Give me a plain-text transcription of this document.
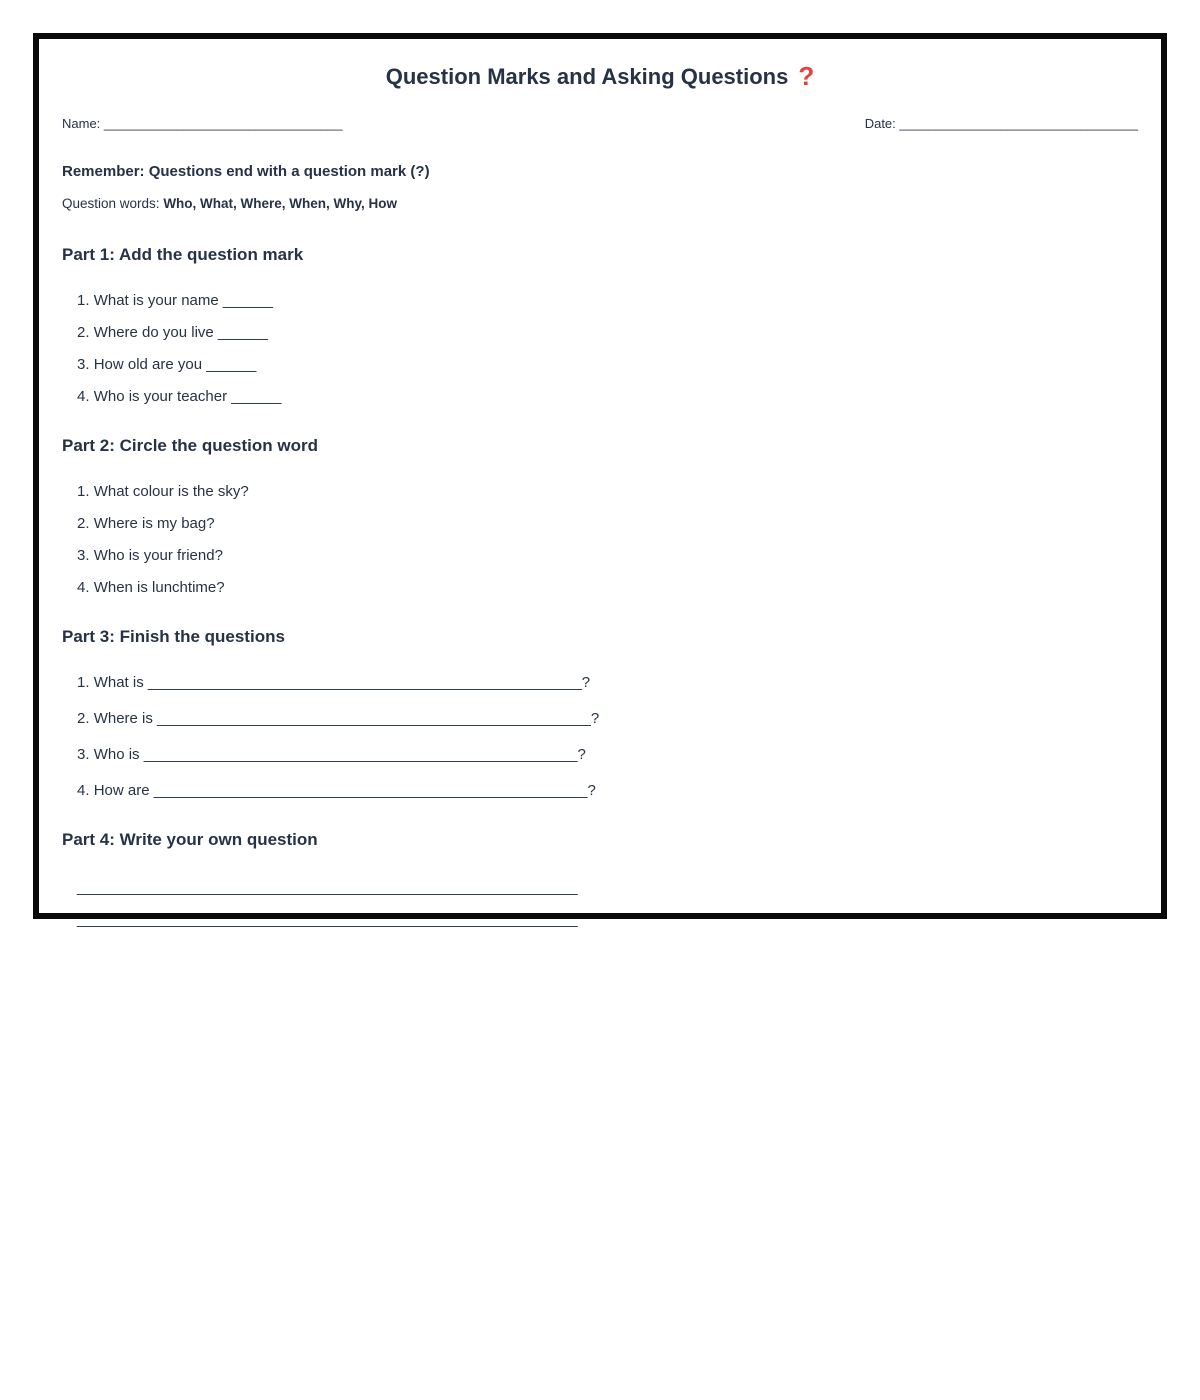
Question Marks and Asking Questions ?
Name: _________________________________	Date: _________________________________
Remember: Questions end with a question mark (?)
Question words: Who, What, Where, When, Why, How
Part 1: Add the question mark
1. What is your name ______
2. Where do you live ______
3. How old are you ______
4. Who is your teacher ______
Part 2: Circle the question word
1. What colour is the sky?
2. Where is my bag?
3. Who is your friend?
4. When is lunchtime?
Part 3: Finish the questions
1. What is ____________________________________________________?
2. Where is ____________________________________________________?
3. Who is ____________________________________________________?
4. How are ____________________________________________________?
Part 4: Write your own question
____________________________________________________________
____________________________________________________________
